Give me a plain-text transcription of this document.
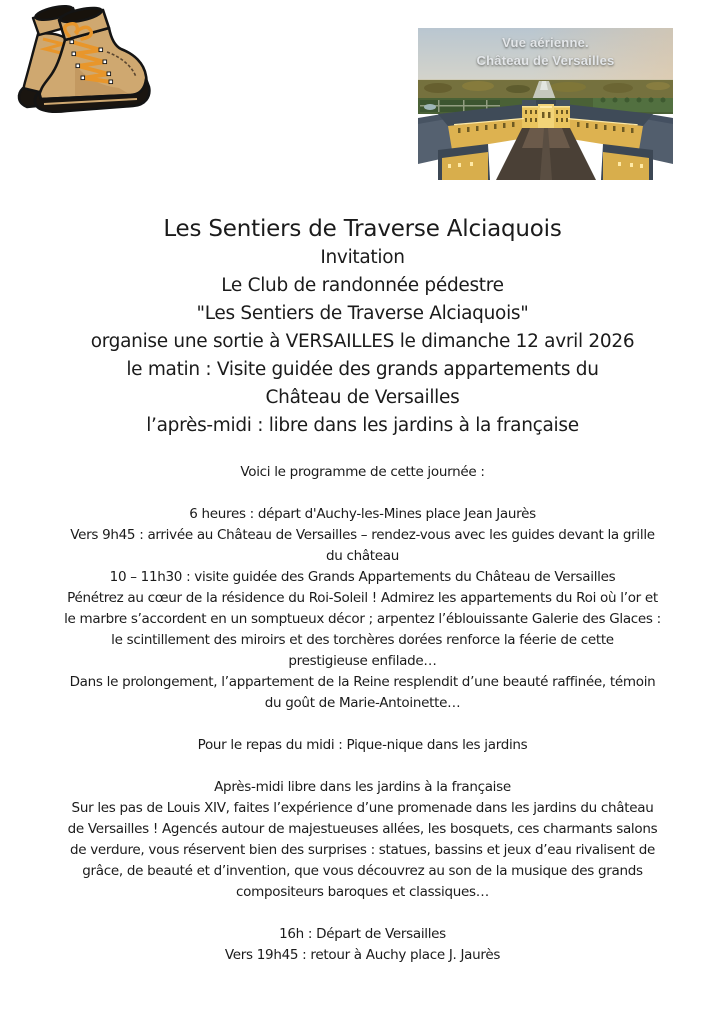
Vue aérienne.
Château de Versailles
Les Sentiers de Traverse Alciaquois
Invitation
Le Club de randonnée pédestre
"Les Sentiers de Traverse Alciaquois"
organise une sortie à VERSAILLES le dimanche 12 avril 2026
le matin : Visite guidée des grands appartements du
Château de Versailles
l’après-midi : libre dans les jardins à la française
Voici le programme de cette journée :

6 heures : départ d'Auchy-les-Mines place Jean Jaurès
Vers 9h45 : arrivée au Château de Versailles – rendez-vous avec les guides devant la grille
du château
10 – 11h30 : visite guidée des Grands Appartements du Château de Versailles
Pénétrez au cœur de la résidence du Roi-Soleil ! Admirez les appartements du Roi où l’or et
le marbre s’accordent en un somptueux décor ; arpentez l’éblouissante Galerie des Glaces :
le scintillement des miroirs et des torchères dorées renforce la féerie de cette
prestigieuse enfilade…
Dans le prolongement, l’appartement de la Reine resplendit d’une beauté raffinée, témoin
du goût de Marie-Antoinette…

Pour le repas du midi : Pique-nique dans les jardins

Après-midi libre dans les jardins à la française
Sur les pas de Louis XIV, faites l’expérience d’une promenade dans les jardins du château
de Versailles ! Agencés autour de majestueuses allées, les bosquets, ces charmants salons
de verdure, vous réservent bien des surprises : statues, bassins et jeux d’eau rivalisent de
grâce, de beauté et d’invention, que vous découvrez au son de la musique des grands
compositeurs baroques et classiques…

16h : Départ de Versailles
Vers 19h45 : retour à Auchy place J. Jaurès
